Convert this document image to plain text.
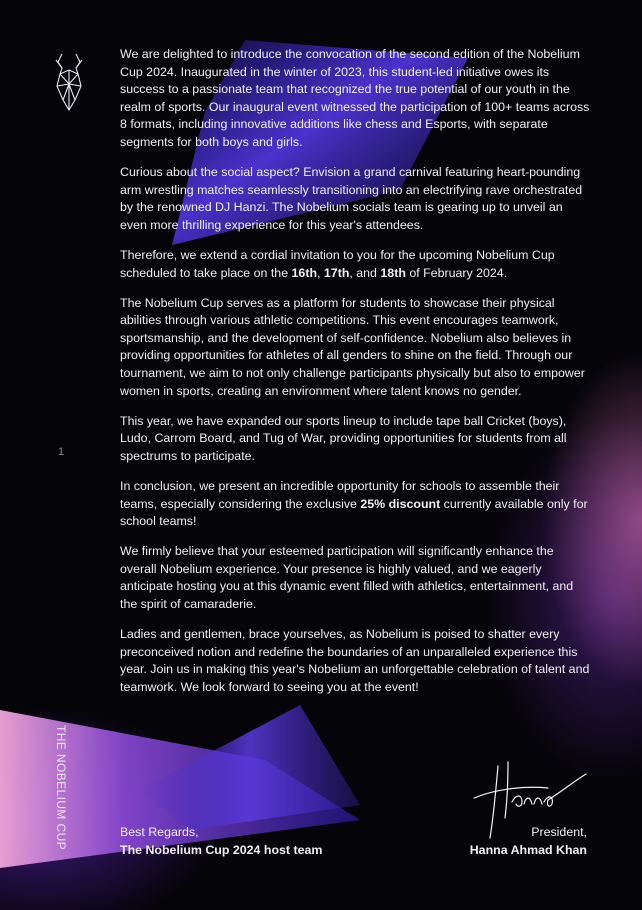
1
THE NOBELIUM CUP

We are delighted to introduce the convocation of the second edition of the Nobelium Cup 2024. Inaugurated in the winter of 2023, this student-led initiative owes its success to a passionate team that recognized the true potential of our youth in the realm of sports. Our inaugural event witnessed the participation of 100+ teams across 8 formats, including innovative additions like chess and Esports, with separate segments for both boys and girls.

Curious about the social aspect? Envision a grand carnival featuring heart-pounding arm wrestling matches seamlessly transitioning into an electrifying rave orchestrated by the renowned DJ Hanzi. The Nobelium socials team is gearing up to unveil an even more thrilling experience for this year's attendees.

Therefore, we extend a cordial invitation to you for the upcoming Nobelium Cup scheduled to take place on the 16th, 17th, and 18th of February 2024.

The Nobelium Cup serves as a platform for students to showcase their physical abilities through various athletic competitions. This event encourages teamwork, sportsmanship, and the development of self-confidence. Nobelium also believes in providing opportunities for athletes of all genders to shine on the field. Through our tournament, we aim to not only challenge participants physically but also to empower women in sports, creating an environment where talent knows no gender.

This year, we have expanded our sports lineup to include tape ball Cricket (boys), Ludo, Carrom Board, and Tug of War, providing opportunities for students from all spectrums to participate.

In conclusion, we present an incredible opportunity for schools to assemble their teams, especially considering the exclusive 25% discount currently available only for school teams!

We firmly believe that your esteemed participation will significantly enhance the overall Nobelium experience. Your presence is highly valued, and we eagerly anticipate hosting you at this dynamic event filled with athletics, entertainment, and the spirit of camaraderie.

Ladies and gentlemen, brace yourselves, as Nobelium is poised to shatter every preconceived notion and redefine the boundaries of an unparalleled experience this year. Join us in making this year's Nobelium an unforgettable celebration of talent and teamwork. We look forward to seeing you at the event!

Best Regards,
The Nobelium Cup 2024 host team
President,
Hanna Ahmad Khan
